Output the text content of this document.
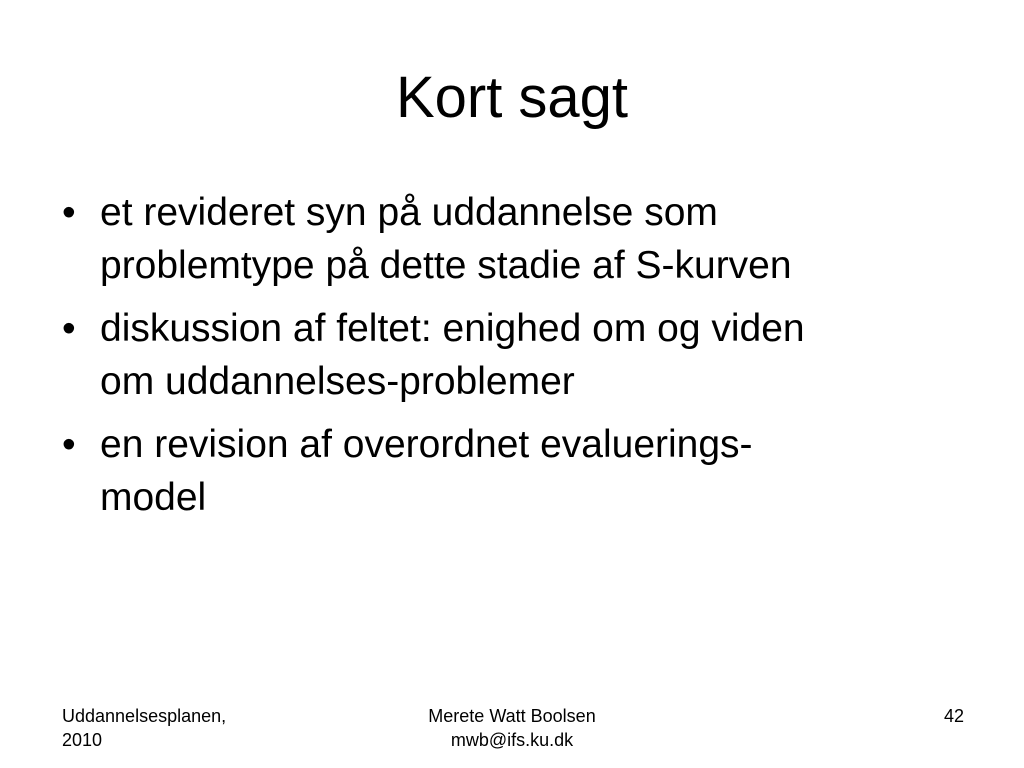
Kort sagt
• et revideret syn på uddannelse som
problemtype på dette stadie af S-kurven
• diskussion af feltet: enighed om og viden
om uddannelses-problemer
• en revision af overordnet evaluerings-
model
Uddannelsesplanen,
2010
Merete Watt Boolsen
mwb@ifs.ku.dk
42
